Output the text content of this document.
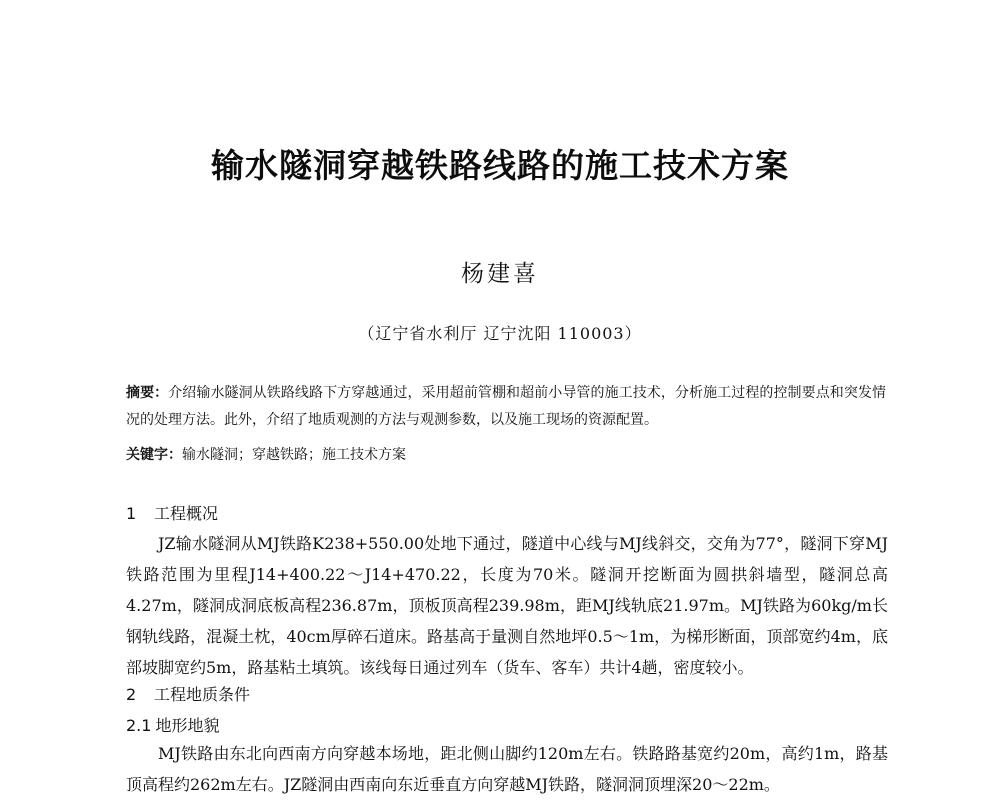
输水隧洞穿越铁路线路的施工技术方案
杨建喜
（辽宁省水利厅 辽宁沈阳 110003）
摘要：介绍输水隧洞从铁路线路下方穿越通过，采用超前管棚和超前小导管的施工技术，分析施工过程的控制要点和突发情况的处理方法。此外，介绍了地质观测的方法与观测参数，以及施工现场的资源配置。
关键字：输水隧洞；穿越铁路；施工技术方案
1 工程概况
JZ输水隧洞从MJ铁路K238+550.00处地下通过，隧道中心线与MJ线斜交，交角为77°，隧洞下穿MJ铁路范围为里程J14+400.22～J14+470.22，长度为70米。隧洞开挖断面为圆拱斜墙型，隧洞总高4.27m，隧洞成洞底板高程236.87m，顶板顶高程239.98m，距MJ线轨底21.97m。MJ铁路为60kg/m长钢轨线路，混凝土枕，40cm厚碎石道床。路基高于量测自然地坪0.5～1m，为梯形断面，顶部宽约4m，底部坡脚宽约5m，路基粘土填筑。该线每日通过列车（货车、客车）共计4趟，密度较小。
2 工程地质条件
2.1 地形地貌
MJ铁路由东北向西南方向穿越本场地，距北侧山脚约120m左右。铁路路基宽约20m，高约1m，路基顶高程约262m左右。JZ隧洞由西南向东近垂直方向穿越MJ铁路，隧洞洞顶埋深20～22m。
